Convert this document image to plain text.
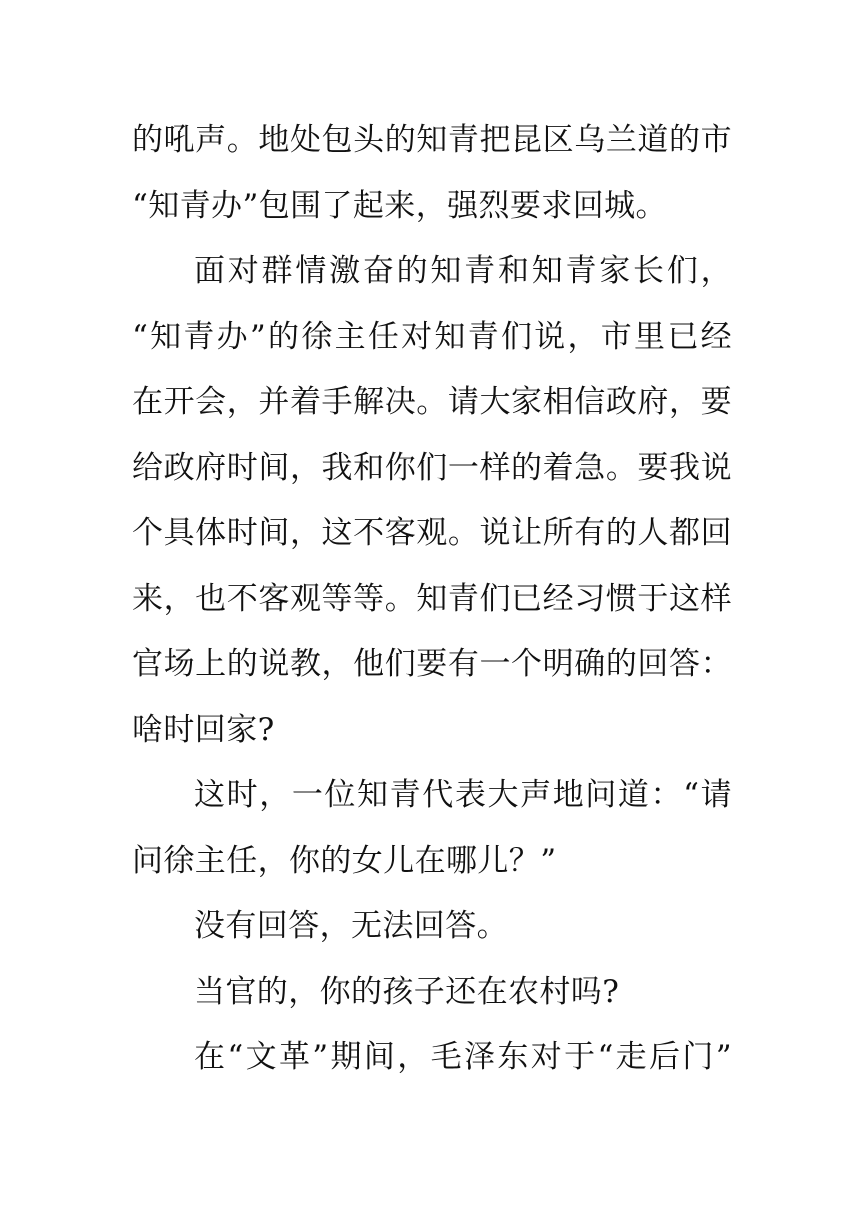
的吼声。地处包头的知青把昆区乌兰道的市
“知青办”包围了起来，强烈要求回城。
面对群情激奋的知青和知青家长们，
“知青办”的徐主任对知青们说，市里已经
在开会，并着手解决。请大家相信政府，要
给政府时间，我和你们一样的着急。要我说
个具体时间，这不客观。说让所有的人都回
来，也不客观等等。知青们已经习惯于这样
官场上的说教，他们要有一个明确的回答：
啥时回家?
这时，一位知青代表大声地问道：“请
问徐主任，你的女儿在哪儿？”
没有回答，无法回答。
当官的，你的孩子还在农村吗?
在“文革”期间，毛泽东对于“走后门”
